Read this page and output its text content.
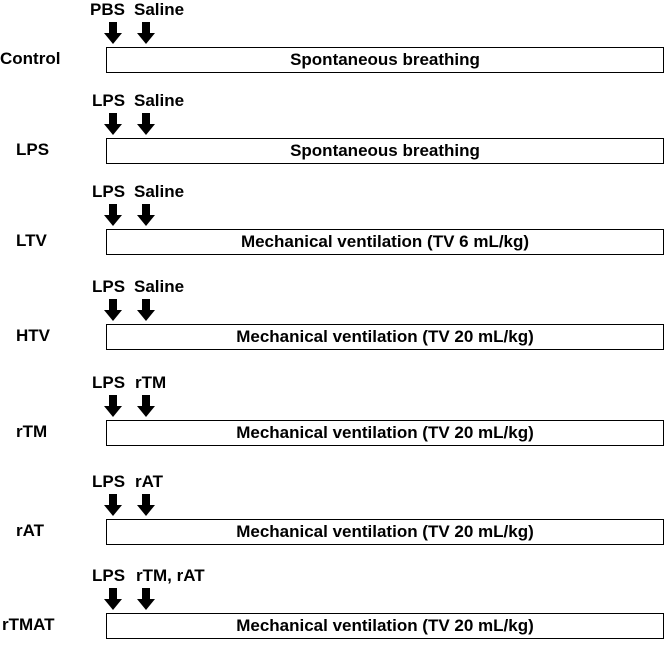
PBS Saline
Control	Spontaneous breathing
LPS Saline
LPS	Spontaneous breathing
LPS Saline
LTV	Mechanical ventilation (TV 6 mL/kg)
LPS Saline
HTV	Mechanical ventilation (TV 20 mL/kg)
LPS rTM
rTM	Mechanical ventilation (TV 20 mL/kg)
LPS rAT
rAT	Mechanical ventilation (TV 20 mL/kg)
LPS rTM, rAT
rTMAT	Mechanical ventilation (TV 20 mL/kg)
